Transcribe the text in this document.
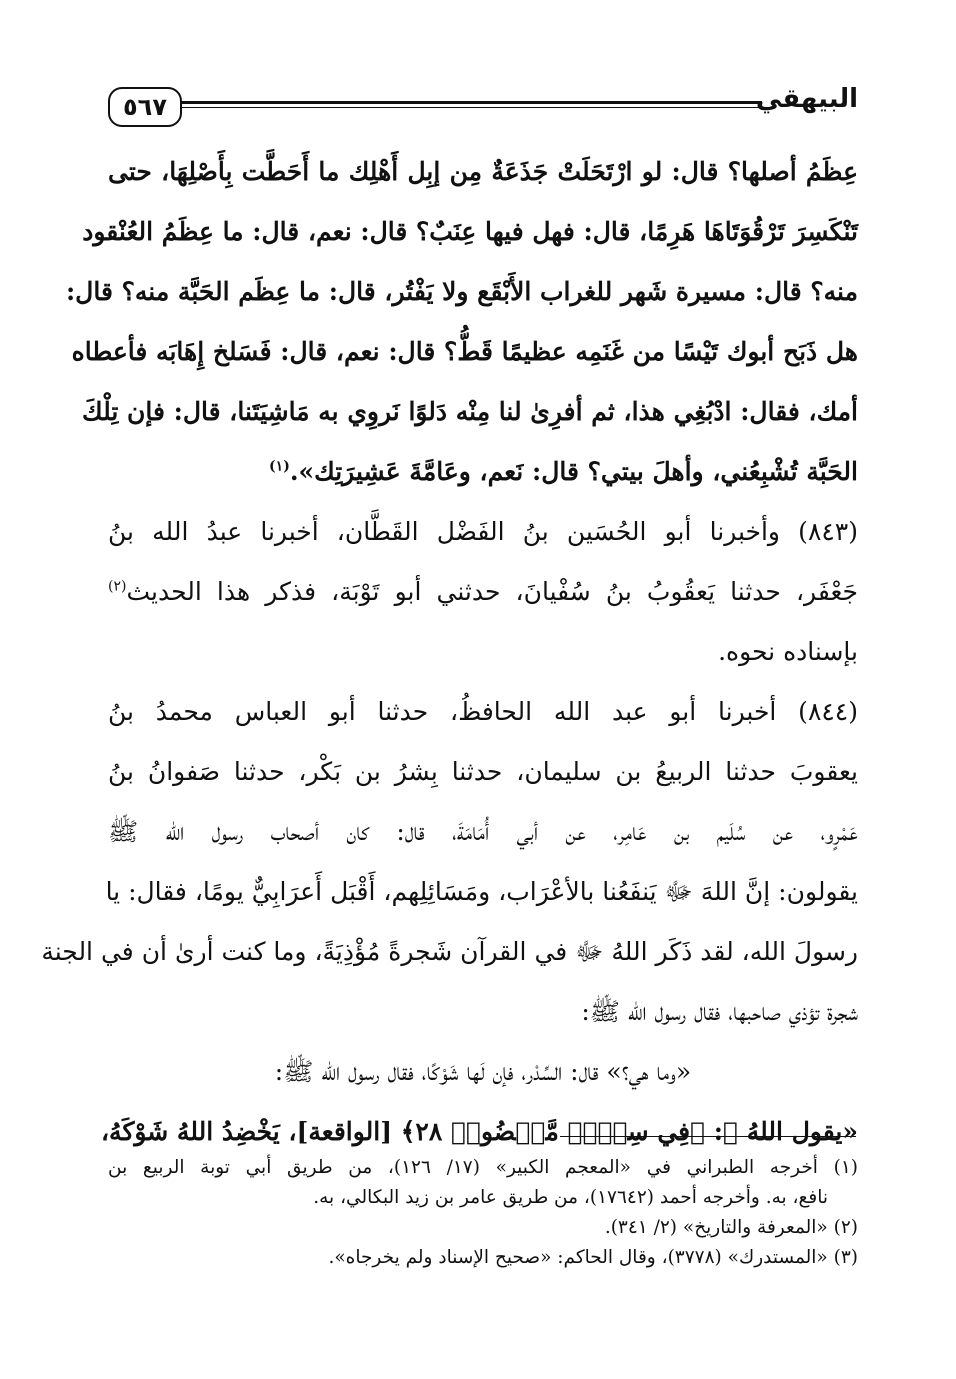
٥٦٧	البيهقي
عِظَمُ أصلها؟ قال: لو ارْتَحَلَتْ جَذَعَةٌ مِن إبِل أَهْلِك ما أَحَطَّت بِأَصْلِهَا، حتى
تَنْكَسِرَ تَرْقُوَتَاهَا هَرِمًا، قال: فهل فيها عِنَبٌ؟ قال: نعم، قال: ما عِظَمُ العُنْقود
منه؟ قال: مسيرة شَهر للغراب الأَبْقَع ولا يَفْتُر، قال: ما عِظَم الحَبَّة منه؟ قال:
هل ذَبَح أبوك تَيْسًا من غَنَمِه عظيمًا قَطُّ؟ قال: نعم، قال: فَسَلخ إِهَابَه فأعطاه
أمك، فقال: ادْبُغِي هذا، ثم أفرِىٰ لنا مِنْه دَلوًا نَروِي به مَاشِيَتَنا، قال: فإن تِلْكَ
الحَبَّة تُشْبِعُني، وأهلَ بيتي؟ قال: نَعم، وعَامَّةَ عَشِيرَتِك».$^{(١)}$
(٨٤٣) وأخبرنا أبو الحُسَين بنُ الفَضْل القَطَّان، أخبرنا عبدُ الله بنُ
جَعْفَر، حدثنا يَعقُوبُ بنُ سُفْيانَ، حدثني أبو تَوْبَة، فذكر هذا الحديث$^{(٢)}$
بإسناده نحوه.
(٨٤٤) أخبرنا أبو عبد الله الحافظُ، حدثنا أبو العباس محمدُ بنُ
يعقوبَ حدثنا الربيعُ بن سليمان، حدثنا بِشرُ بن بَكْر، حدثنا صَفوانُ بنُ
عَمْرٍو، عن سُلَيم بن عَامِر، عن أبي أُمَامَةَ، قال: كان أصحاب رسول الله ﷺ
يقولون: إنَّ اللهَ ﷻ يَنفَعُنا بالأعْرَاب، ومَسَائِلِهم، أَقْبَل أَعرَابِيٌّ يومًا، فقال: يا
رسولَ الله، لقد ذَكَر اللهُ ﷻ في القرآن شَجرةً مُؤْذِيَةً، وما كنت أرىٰ أن في الجنة
شجرة تؤذي صاحبها، فقال رسول الله ﷺ:
«وما هي؟» قال: السِّدْر، فإن لَها شَوْكًا، فقال رسول الله ﷺ:
«يقول اللهُ ﷻ: ﴿فِي سِدۡرٖ مَّخۡضُودٖ ٢٨﴾ [الواقعة]، يَخْضِدُ اللهُ شَوْكَهُ،
(١) أخرجه الطبراني في «المعجم الكبير» (١٧/ ١٢٦)، من طريق أبي توبة الربيع بن
نافع، به. وأخرجه أحمد (١٧٦٤٢)، من طريق عامر بن زيد البكالي، به.
(٢) «المعرفة والتاريخ» (٢/ ٣٤١).
(٣) «المستدرك» (٣٧٧٨)، وقال الحاكم: «صحيح الإسناد ولم يخرجاه».
